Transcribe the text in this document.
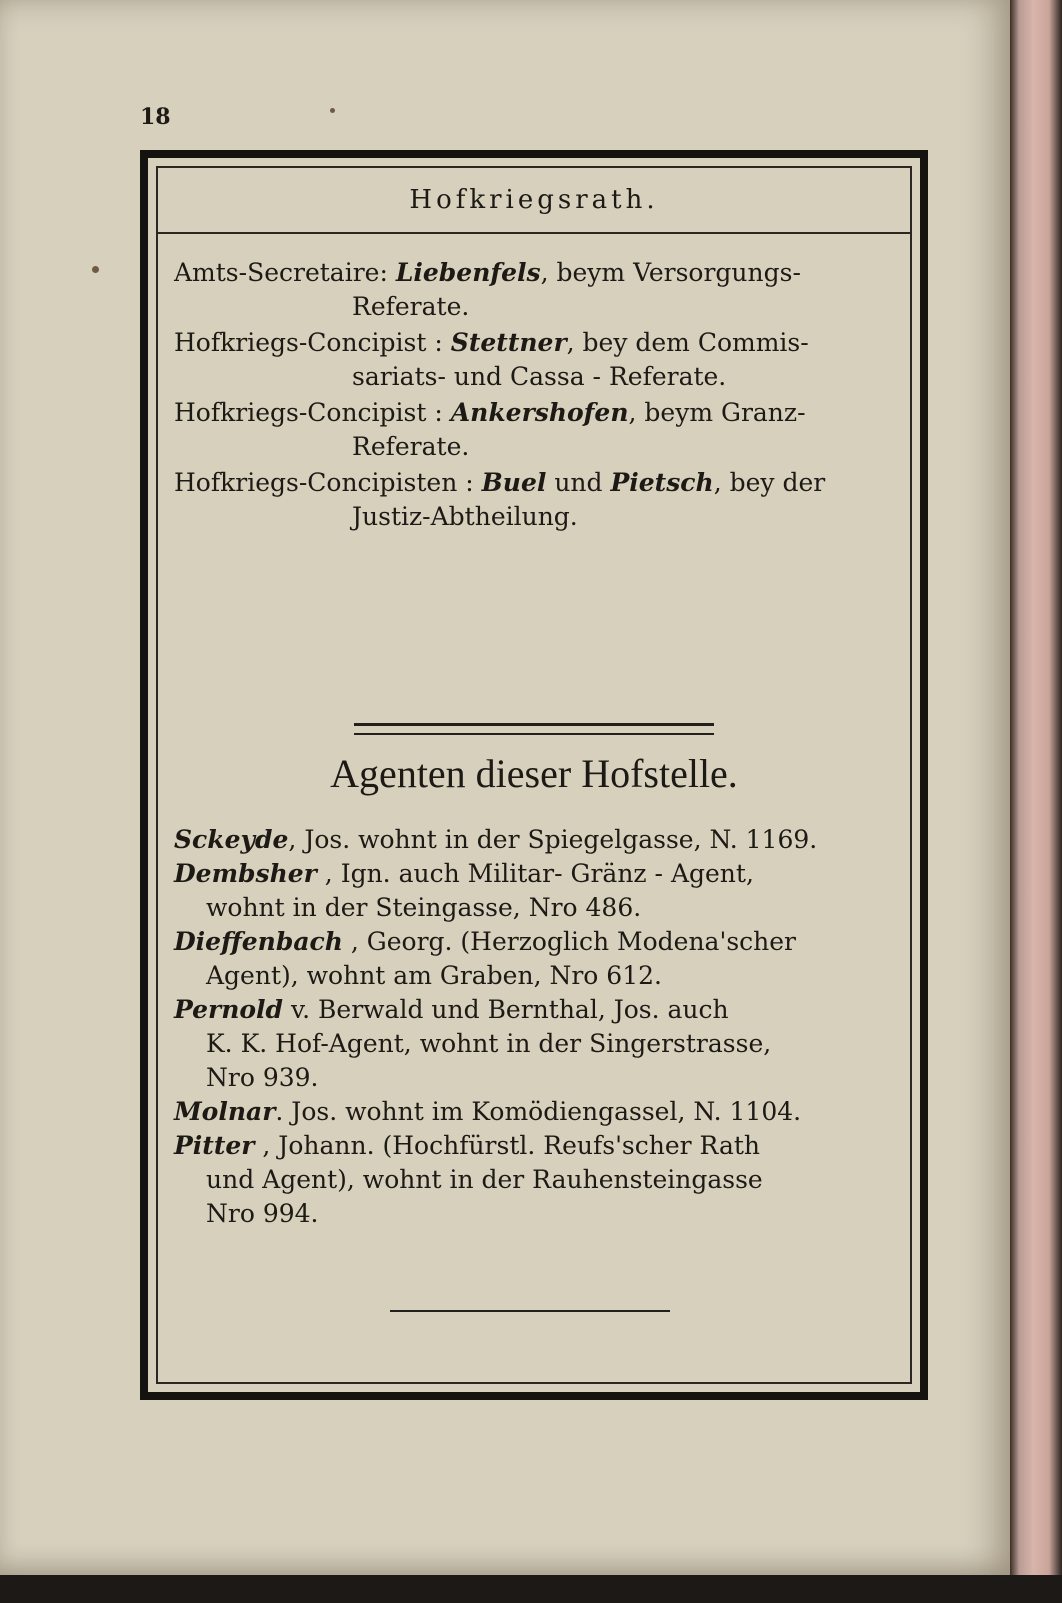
18
Hofkriegsrath.
Amts-Secretaire: Liebenfels, beym Versorgungs-
Referate.
Hofkriegs-Concipist : Stettner, bey dem Commis-
sariats- und Cassa - Referate.
Hofkriegs-Concipist : Ankershofen, beym Granz-
Referate.
Hofkriegs-Concipisten : Buel und Pietsch, bey der
Justiz-Abtheilung.
Agenten dieser Hofstelle.
Sckeyde, Jos. wohnt in der Spiegelgasse, N. 1169.
Dembsher , Ign. auch Militar- Gränz - Agent,
wohnt in der Steingasse, Nro 486.
Dieffenbach , Georg. (Herzoglich Modena'scher
Agent), wohnt am Graben, Nro 612.
Pernold v. Berwald und Bernthal, Jos. auch
K. K. Hof-Agent, wohnt in der Singerstrasse,
Nro 939.
Molnar. Jos. wohnt im Komödiengassel, N. 1104.
Pitter , Johann. (Hochfürstl. Reufs'scher Rath
und Agent), wohnt in der Rauhensteingasse
Nro 994.
